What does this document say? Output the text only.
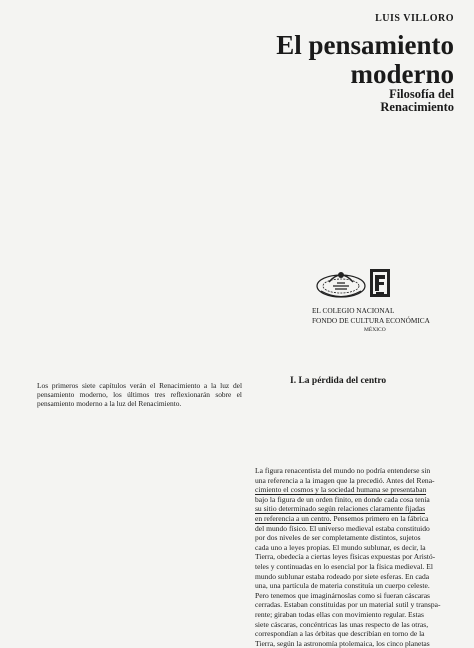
LUIS VILLORO
El pensamiento
moderno
Filosofía del
Renacimiento
EL COLEGIO NACIONAL
FONDO DE CULTURA ECONÓMICA
MÉXICO
Los primeros siete capítulos verán el Renacimiento a la luz del pensamiento moderno, los últimos tres reflexionarán sobre el pensamiento moderno a la luz del Renacimiento.
I. La pérdida del centro
La figura renacentista del mundo no podría entenderse sin
una referencia a la imagen que la precedió. Antes del Rena-
cimiento el cosmos y la sociedad humana se presentaban
bajo la figura de un orden finito, en donde cada cosa tenía
su sitio determinado según relaciones claramente fijadas
en referencia a un centro. Pensemos primero en la fábrica
del mundo físico. El universo medieval estaba constituido
por dos niveles de ser completamente distintos, sujetos
cada uno a leyes propias. El mundo sublunar, es decir, la
Tierra, obedecía a ciertas leyes físicas expuestas por Aristó-
teles y continuadas en lo esencial por la física medieval. El
mundo sublunar estaba rodeado por siete esferas. En cada
una, una partícula de materia constituía un cuerpo celeste.
Pero tenemos que imaginárnoslas como si fueran cáscaras
cerradas. Estaban constituidas por un material sutil y transpa-
rente; giraban todas ellas con movimiento regular. Estas
siete cáscaras, concéntricas las unas respecto de las otras,
correspondían a las órbitas que describían en torno de la
Tierra, según la astronomía ptolemaica, los cinco planetas
